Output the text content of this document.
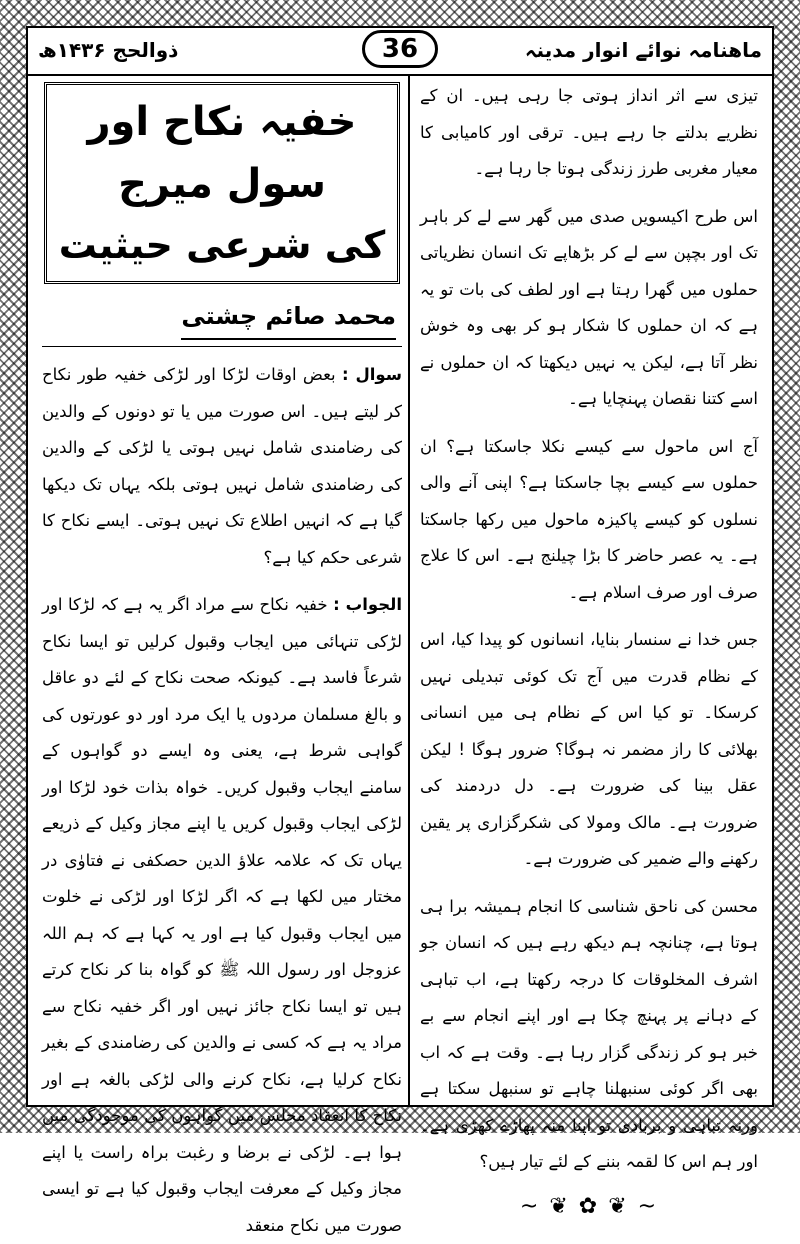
ماھنامہ نوائے انوار مدینہ
36
ذوالحج ۱۴۳۶ھ

تیزی سے اثر انداز ہوتی جا رہی ہیں۔ ان کے نظریے بدلتے جا رہے ہیں۔ ترقی اور کامیابی کا معیار مغربی طرز زندگی ہوتا جا رہا ہے۔

اس طرح اکیسویں صدی میں گھر سے لے کر باہر تک اور بچپن سے لے کر بڑھاپے تک انسان نظریاتی حملوں میں گھرا رہتا ہے اور لطف کی بات تو یہ ہے کہ ان حملوں کا شکار ہو کر بھی وہ خوش نظر آتا ہے، لیکن یہ نہیں دیکھتا کہ ان حملوں نے اسے کتنا نقصان پہنچایا ہے۔

آج اس ماحول سے کیسے نکلا جاسکتا ہے؟ ان حملوں سے کیسے بچا جاسکتا ہے؟ اپنی آنے والی نسلوں کو کیسے پاکیزہ ماحول میں رکھا جاسکتا ہے۔ یہ عصر حاضر کا بڑا چیلنج ہے۔ اس کا علاج صرف اور صرف اسلام ہے۔

جس خدا نے سنسار بنایا، انسانوں کو پیدا کیا، اس کے نظام قدرت میں آج تک کوئی تبدیلی نہیں کرسکا۔ تو کیا اس کے نظام ہی میں انسانی بھلائی کا راز مضمر نہ ہوگا؟ ضرور ہوگا ! لیکن عقل بینا کی ضرورت ہے۔ دل دردمند کی ضرورت ہے۔ مالک ومولا کی شکرگزاری پر یقین رکھنے والے ضمیر کی ضرورت ہے۔

محسن کی ناحق شناسی کا انجام ہمیشہ برا ہی ہوتا ہے، چنانچہ ہم دیکھ رہے ہیں کہ انسان جو اشرف المخلوقات کا درجہ رکھتا ہے، اب تباہی کے دہانے پر پہنچ چکا ہے اور اپنے انجام سے بے خبر ہو کر زندگی گزار رہا ہے۔ وقت ہے کہ اب بھی اگر کوئی سنبھلنا چاہے تو سنبھل سکتا ہے ورنہ تباہی و بربادی تو اپنا منہ پھاڑے کھڑی ہے۔ اور ہم اس کا لقمہ بننے کے لئے تیار ہیں؟

~ ❦ ✿ ❦ ~
خفیہ نکاح اور سول میرج
کی شرعی حیثیت
محمد صائم چشتی

سوال : بعض اوقات لڑکا اور لڑکی خفیہ طور نکاح کر لیتے ہیں۔ اس صورت میں یا تو دونوں کے والدین کی رضامندی شامل نہیں ہوتی یا لڑکی کے والدین کی رضامندی شامل نہیں ہوتی بلکہ یہاں تک دیکھا گیا ہے کہ انہیں اطلاع تک نہیں ہوتی۔ ایسے نکاح کا شرعی حکم کیا ہے؟

الجواب : خفیہ نکاح سے مراد اگر یہ ہے کہ لڑکا اور لڑکی تنہائی میں ایجاب وقبول کرلیں تو ایسا نکاح شرعاً فاسد ہے۔ کیونکہ صحت نکاح کے لئے دو عاقل و بالغ مسلمان مردوں یا ایک مرد اور دو عورتوں کی گواہی شرط ہے، یعنی وہ ایسے دو گواہوں کے سامنے ایجاب وقبول کریں۔ خواہ بذات خود لڑکا اور لڑکی ایجاب وقبول کریں یا اپنے مجاز وکیل کے ذریعے یہاں تک کہ علامہ علاؤ الدین حصکفی نے فتاوٰی در مختار میں لکھا ہے کہ اگر لڑکا اور لڑکی نے خلوت میں ایجاب وقبول کیا ہے اور یہ کہا ہے کہ ہم اللہ عزوجل اور رسول اللہ ﷺ کو گواہ بنا کر نکاح کرتے ہیں تو ایسا نکاح جائز نہیں اور اگر خفیہ نکاح سے مراد یہ ہے کہ کسی نے والدین کی رضامندی کے بغیر نکاح کرلیا ہے، نکاح کرنے والی لڑکی بالغہ ہے اور نکاح کا انعقاد مجلس میں گواہوں کی موجودگی میں ہوا ہے۔ لڑکی نے برضا و رغبت براہ راست یا اپنے مجاز وکیل کے معرفت ایجاب وقبول کیا ہے تو ایسی صورت میں نکاح منعقد
